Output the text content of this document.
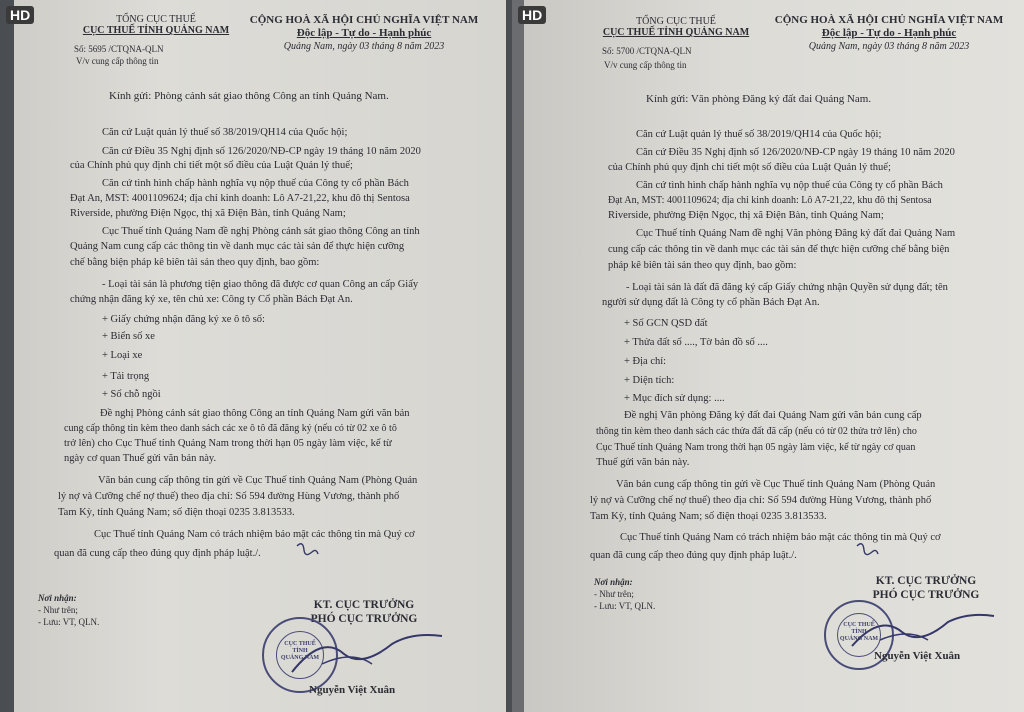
HD	TỔNG CỤC THUẾ
CỤC THUẾ TỈNH QUẢNG NAM
CỘNG HOÀ XÃ HỘI CHỦ NGHĨA VIỆT NAM
Độc lập - Tự do - Hạnh phúc
Quảng Nam, ngày 03 tháng 8 năm 2023
Số: 5695 /CTQNA-QLN
V/v cung cấp thông tin
Kính gửi: Phòng cảnh sát giao thông Công an tỉnh Quảng Nam.
Căn cứ Luật quản lý thuế số 38/2019/QH14 của Quốc hội;
Căn cứ Điều 35 Nghị định số 126/2020/NĐ-CP ngày 19 tháng 10 năm 2020
của Chính phủ quy định chi tiết một số điều của Luật Quản lý thuế;
Căn cứ tình hình chấp hành nghĩa vụ nộp thuế của Công ty cổ phần Bách
Đạt An, MST: 4001109624; địa chỉ kinh doanh: Lô A7-21,22, khu đô thị Sentosa
Riverside, phường Điện Ngọc, thị xã Điện Bàn, tỉnh Quảng Nam;
Cục Thuế tỉnh Quảng Nam đề nghị Phòng cảnh sát giao thông Công an tỉnh
Quảng Nam cung cấp các thông tin về danh mục các tài sản để thực hiện cưỡng
chế bằng biện pháp kê biên tài sản theo quy định, bao gồm:
- Loại tài sản là phương tiện giao thông đã được cơ quan Công an cấp Giấy
chứng nhận đăng ký xe, tên chủ xe: Công ty Cổ phần Bách Đạt An.
+ Giấy chứng nhận đăng ký xe ô tô số:
+ Biển số xe
+ Loại xe
+ Tải trọng
+ Số chỗ ngồi
Đề nghị Phòng cảnh sát giao thông Công an tỉnh Quảng Nam gửi văn bản
cung cấp thông tin kèm theo danh sách các xe ô tô đã đăng ký (nếu có từ 02 xe ô tô
trở lên) cho Cục Thuế tỉnh Quảng Nam trong thời hạn 05 ngày làm việc, kể từ
ngày cơ quan Thuế gửi văn bản này.
Văn bản cung cấp thông tin gửi về Cục Thuế tỉnh Quảng Nam (Phòng Quản
lý nợ và Cưỡng chế nợ thuế) theo địa chỉ: Số 594 đường Hùng Vương, thành phố
Tam Kỳ, tỉnh Quảng Nam; số điện thoại 0235 3.813533.
Cục Thuế tỉnh Quảng Nam có trách nhiệm bảo mật các thông tin mà Quý cơ
quan đã cung cấp theo đúng quy định pháp luật./.
Nơi nhận:
- Như trên;
- Lưu: VT, QLN.
KT. CỤC TRƯỞNG
PHÓ CỤC TRƯỞNG
CỤC THUẾ
TỈNH
QUẢNG NAM
Nguyễn Việt Xuân
HD	TỔNG CỤC THUẾ
CỤC THUẾ TỈNH QUẢNG NAM
CỘNG HOÀ XÃ HỘI CHỦ NGHĨA VIỆT NAM
Độc lập - Tự do - Hạnh phúc
Quảng Nam, ngày 03 tháng 8 năm 2023
Số: 5700 /CTQNA-QLN
V/v cung cấp thông tin
Kính gửi: Văn phòng Đăng ký đất đai Quảng Nam.
Căn cứ Luật quản lý thuế số 38/2019/QH14 của Quốc hội;
Căn cứ Điều 35 Nghị định số 126/2020/NĐ-CP ngày 19 tháng 10 năm 2020
của Chính phủ quy định chi tiết một số điều của Luật Quản lý thuế;
Căn cứ tình hình chấp hành nghĩa vụ nộp thuế của Công ty cổ phần Bách
Đạt An, MST: 4001109624; địa chỉ kinh doanh: Lô A7-21,22, khu đô thị Sentosa
Riverside, phường Điện Ngọc, thị xã Điện Bàn, tỉnh Quảng Nam;
Cục Thuế tỉnh Quảng Nam đề nghị Văn phòng Đăng ký đất đai Quảng Nam
cung cấp các thông tin về danh mục các tài sản để thực hiện cưỡng chế bằng biện
pháp kê biên tài sản theo quy định, bao gồm:
- Loại tài sản là đất đã đăng ký cấp Giấy chứng nhận Quyền sử dụng đất; tên
người sử dụng đất là Công ty cổ phần Bách Đạt An.
+ Số GCN QSD đất
+ Thửa đất số ...., Tờ bản đồ số ....
+ Địa chỉ:
+ Diện tích:
+ Mục đích sử dụng: ....
Đề nghị Văn phòng Đăng ký đất đai Quảng Nam gửi văn bản cung cấp
thông tin kèm theo danh sách các thửa đất đã cấp (nếu có từ 02 thửa trở lên) cho
Cục Thuế tỉnh Quảng Nam trong thời hạn 05 ngày làm việc, kể từ ngày cơ quan
Thuế gửi văn bản này.
Văn bản cung cấp thông tin gửi về Cục Thuế tỉnh Quảng Nam (Phòng Quản
lý nợ và Cưỡng chế nợ thuế) theo địa chỉ: Số 594 đường Hùng Vương, thành phố
Tam Kỳ, tỉnh Quảng Nam; số điện thoại 0235 3.813533.
Cục Thuế tỉnh Quảng Nam có trách nhiệm bảo mật các thông tin mà Quý cơ
quan đã cung cấp theo đúng quy định pháp luật./.
Nơi nhận:
- Như trên;
- Lưu: VT, QLN.
KT. CỤC TRƯỞNG
PHÓ CỤC TRƯỞNG
CỤC THUẾ
TỈNH
QUẢNG NAM
Nguyễn Việt Xuân
